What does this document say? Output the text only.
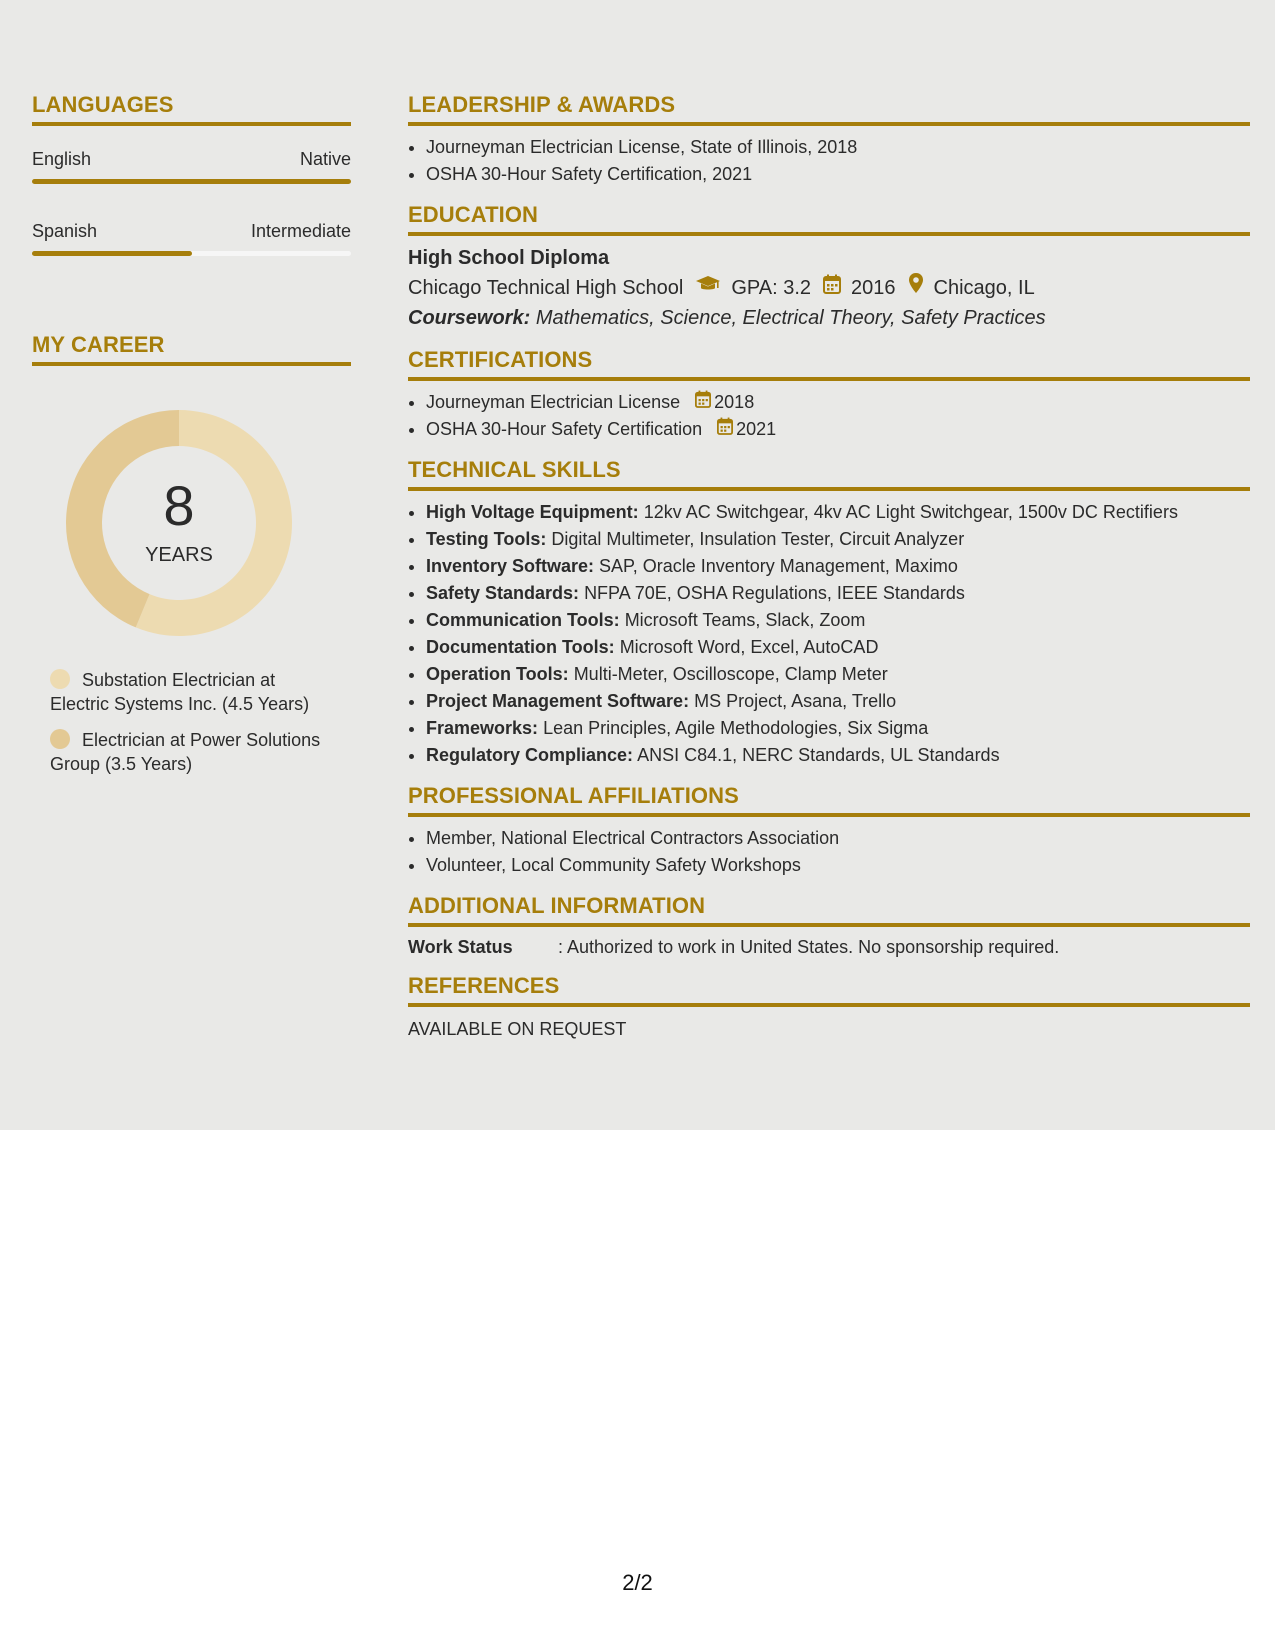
LANGUAGES
English	Native
Spanish	Intermediate
MY CAREER
8
YEARS
Substation Electrician at Electric Systems Inc. (4.5 Years)
Electrician at Power Solutions Group (3.5 Years)
LEADERSHIP & AWARDS
• Journeyman Electrician License, State of Illinois, 2018
• OSHA 30-Hour Safety Certification, 2021
EDUCATION
High School Diploma
Chicago Technical High School GPA: 3.2 2016 Chicago, IL
Coursework: Mathematics, Science, Electrical Theory, Safety Practices
CERTIFICATIONS
• Journeyman Electrician License 2018
• OSHA 30-Hour Safety Certification 2021
TECHNICAL SKILLS
• High Voltage Equipment: 12kv AC Switchgear, 4kv AC Light Switchgear, 1500v DC Rectifiers
• Testing Tools: Digital Multimeter, Insulation Tester, Circuit Analyzer
• Inventory Software: SAP, Oracle Inventory Management, Maximo
• Safety Standards: NFPA 70E, OSHA Regulations, IEEE Standards
• Communication Tools: Microsoft Teams, Slack, Zoom
• Documentation Tools: Microsoft Word, Excel, AutoCAD
• Operation Tools: Multi-Meter, Oscilloscope, Clamp Meter
• Project Management Software: MS Project, Asana, Trello
• Frameworks: Lean Principles, Agile Methodologies, Six Sigma
• Regulatory Compliance: ANSI C84.1, NERC Standards, UL Standards
PROFESSIONAL AFFILIATIONS
• Member, National Electrical Contractors Association
• Volunteer, Local Community Safety Workshops
ADDITIONAL INFORMATION
Work Status	: Authorized to work in United States. No sponsorship required.
REFERENCES
AVAILABLE ON REQUEST
2/2
